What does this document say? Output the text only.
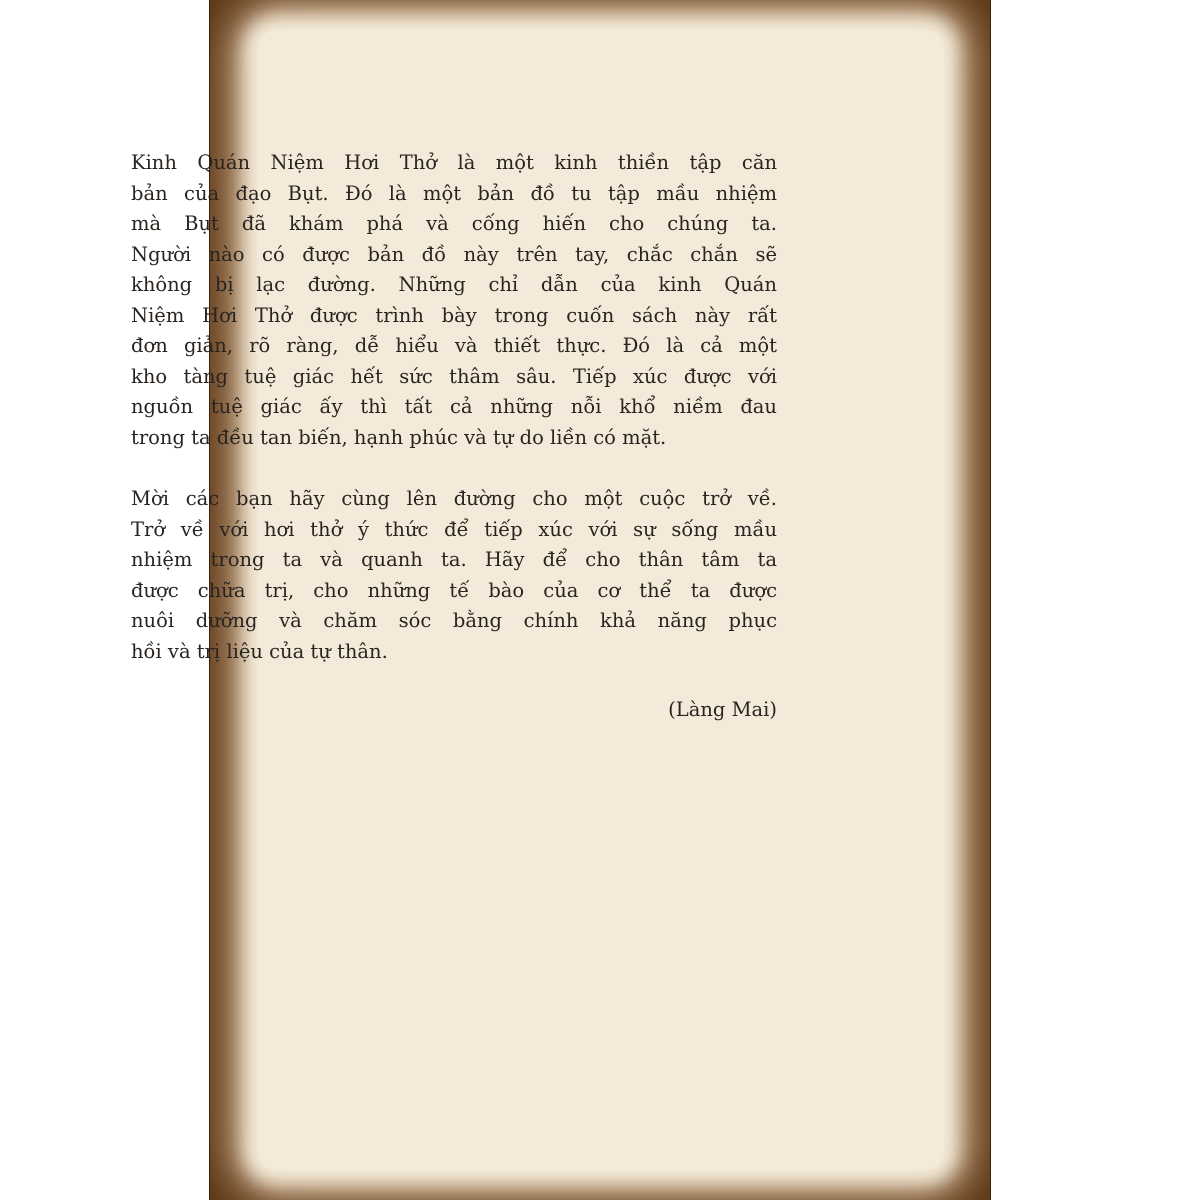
Kinh Quán Niệm Hơi Thở là một kinh thiền tập căn
bản của đạo Bụt. Đó là một bản đồ tu tập mầu nhiệm
mà Bụt đã khám phá và cống hiến cho chúng ta.
Người nào có được bản đồ này trên tay, chắc chắn sẽ
không bị lạc đường. Những chỉ dẫn của kinh Quán
Niệm Hơi Thở được trình bày trong cuốn sách này rất
đơn giản, rõ ràng, dễ hiểu và thiết thực. Đó là cả một
kho tàng tuệ giác hết sức thâm sâu. Tiếp xúc được với
nguồn tuệ giác ấy thì tất cả những nỗi khổ niềm đau
trong ta đều tan biến, hạnh phúc và tự do liền có mặt.
Mời các bạn hãy cùng lên đường cho một cuộc trở về.
Trở về với hơi thở ý thức để tiếp xúc với sự sống mầu
nhiệm trong ta và quanh ta. Hãy để cho thân tâm ta
được chữa trị, cho những tế bào của cơ thể ta được
nuôi dưỡng và chăm sóc bằng chính khả năng phục
hồi và trị liệu của tự thân.
(Làng Mai)
